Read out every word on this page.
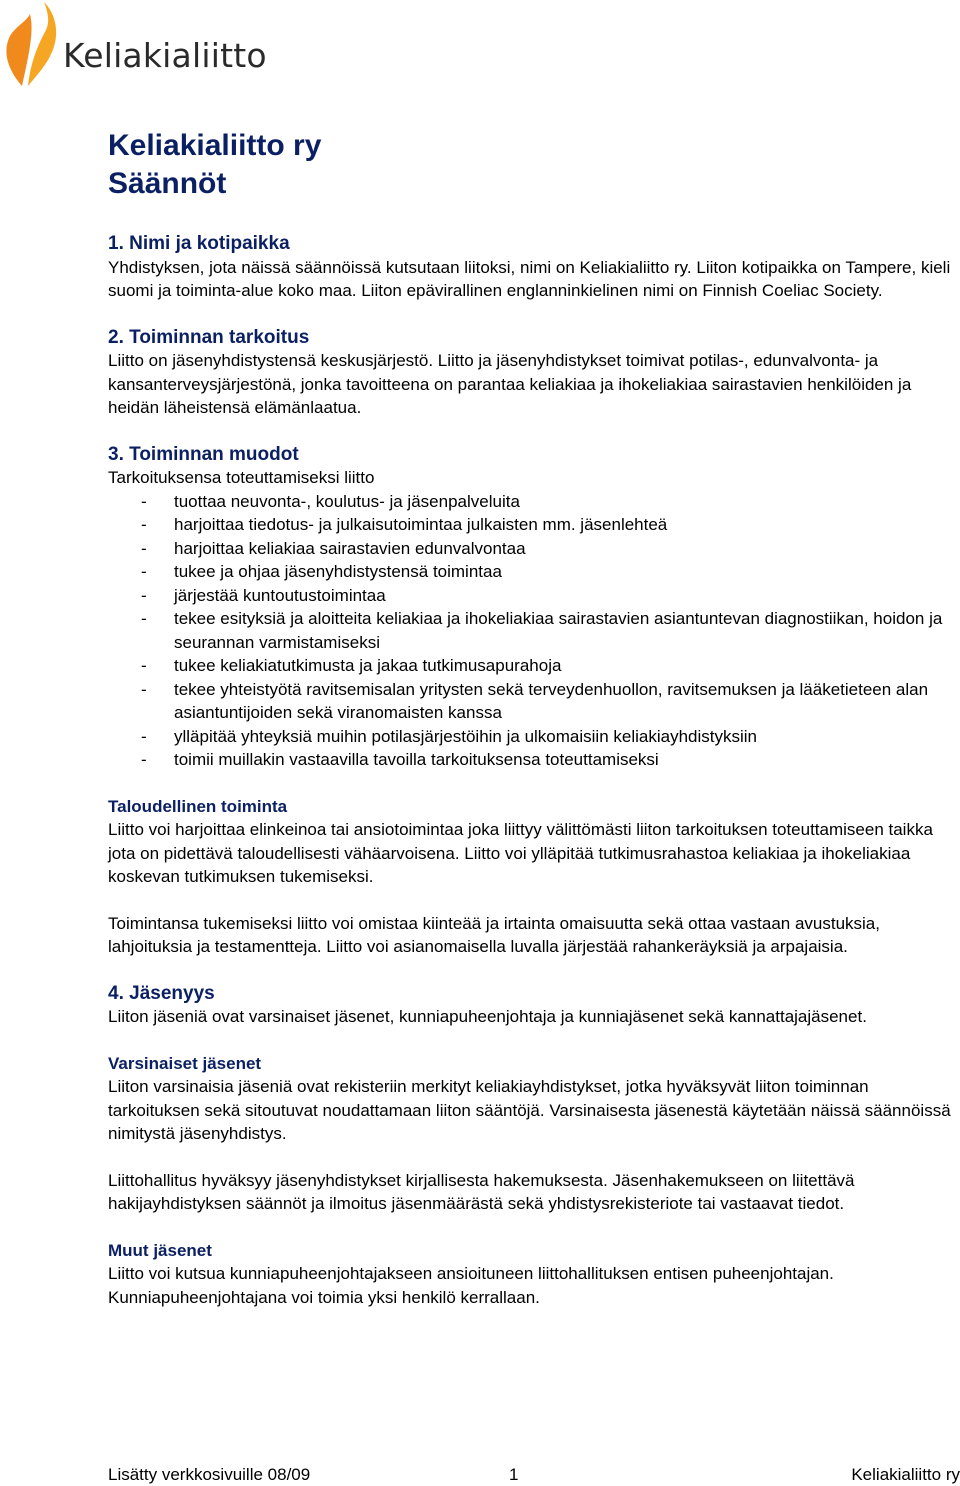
Keliakialiitto
Keliakialiitto ry
Säännöt
1. Nimi ja kotipaikka

Yhdistyksen, jota näissä säännöissä kutsutaan liitoksi, nimi on Keliakialiitto ry. Liiton kotipaikka on Tampere, kieli suomi ja toiminta-alue koko maa. Liiton epävirallinen englanninkielinen nimi on Finnish Coeliac Society.

2. Toiminnan tarkoitus

Liitto on jäsenyhdistystensä keskusjärjestö. Liitto ja jäsenyhdistykset toimivat potilas-, edunvalvonta- ja kansanterveysjärjestönä, jonka tavoitteena on parantaa keliakiaa ja ihokeliakiaa sairastavien henkilöiden ja heidän läheistensä elämänlaatua.

3. Toiminnan muodot

Tarkoituksensa toteuttamiseksi liitto

- tuottaa neuvonta-, koulutus- ja jäsenpalveluita
- harjoittaa tiedotus- ja julkaisutoimintaa julkaisten mm. jäsenlehteä
- harjoittaa keliakiaa sairastavien edunvalvontaa
- tukee ja ohjaa jäsenyhdistystensä toimintaa
- järjestää kuntoutustoimintaa
- tekee esityksiä ja aloitteita keliakiaa ja ihokeliakiaa sairastavien asiantuntevan diagnostiikan, hoidon ja seurannan varmistamiseksi
- tukee keliakiatutkimusta ja jakaa tutkimusapurahoja
- tekee yhteistyötä ravitsemisalan yritysten sekä terveydenhuollon, ravitsemuksen ja lääketieteen alan asiantuntijoiden sekä viranomaisten kanssa
- ylläpitää yhteyksiä muihin potilasjärjestöihin ja ulkomaisiin keliakiayhdistyksiin
- toimii muillakin vastaavilla tavoilla tarkoituksensa toteuttamiseksi
Taloudellinen toiminta

Liitto voi harjoittaa elinkeinoa tai ansiotoimintaa joka liittyy välittömästi liiton tarkoituksen toteuttamiseen taikka jota on pidettävä taloudellisesti vähäarvoisena. Liitto voi ylläpitää tutkimusrahastoa keliakiaa ja ihokeliakiaa koskevan tutkimuksen tukemiseksi.

Toimintansa tukemiseksi liitto voi omistaa kiinteää ja irtainta omaisuutta sekä ottaa vastaan avustuksia, lahjoituksia ja testamentteja. Liitto voi asianomaisella luvalla järjestää rahankeräyksiä ja arpajaisia.

4. Jäsenyys

Liiton jäseniä ovat varsinaiset jäsenet, kunniapuheenjohtaja ja kunniajäsenet sekä kannattajajäsenet.

Varsinaiset jäsenet

Liiton varsinaisia jäseniä ovat rekisteriin merkityt keliakiayhdistykset, jotka hyväksyvät liiton toiminnan tarkoituksen sekä sitoutuvat noudattamaan liiton sääntöjä. Varsinaisesta jäsenestä käytetään näissä säännöissä nimitystä jäsenyhdistys.

Liittohallitus hyväksyy jäsenyhdistykset kirjallisesta hakemuksesta. Jäsenhakemukseen on liitettävä hakijayhdistyksen säännöt ja ilmoitus jäsenmäärästä sekä yhdistysrekisteriote tai vastaavat tiedot.

Muut jäsenet

Liitto voi kutsua kunniapuheenjohtajakseen ansioituneen liittohallituksen entisen puheenjohtajan. Kunniapuheenjohtajana voi toimia yksi henkilö kerrallaan.

Lisätty verkkosivuille 08/09	1	Keliakialiitto ry
